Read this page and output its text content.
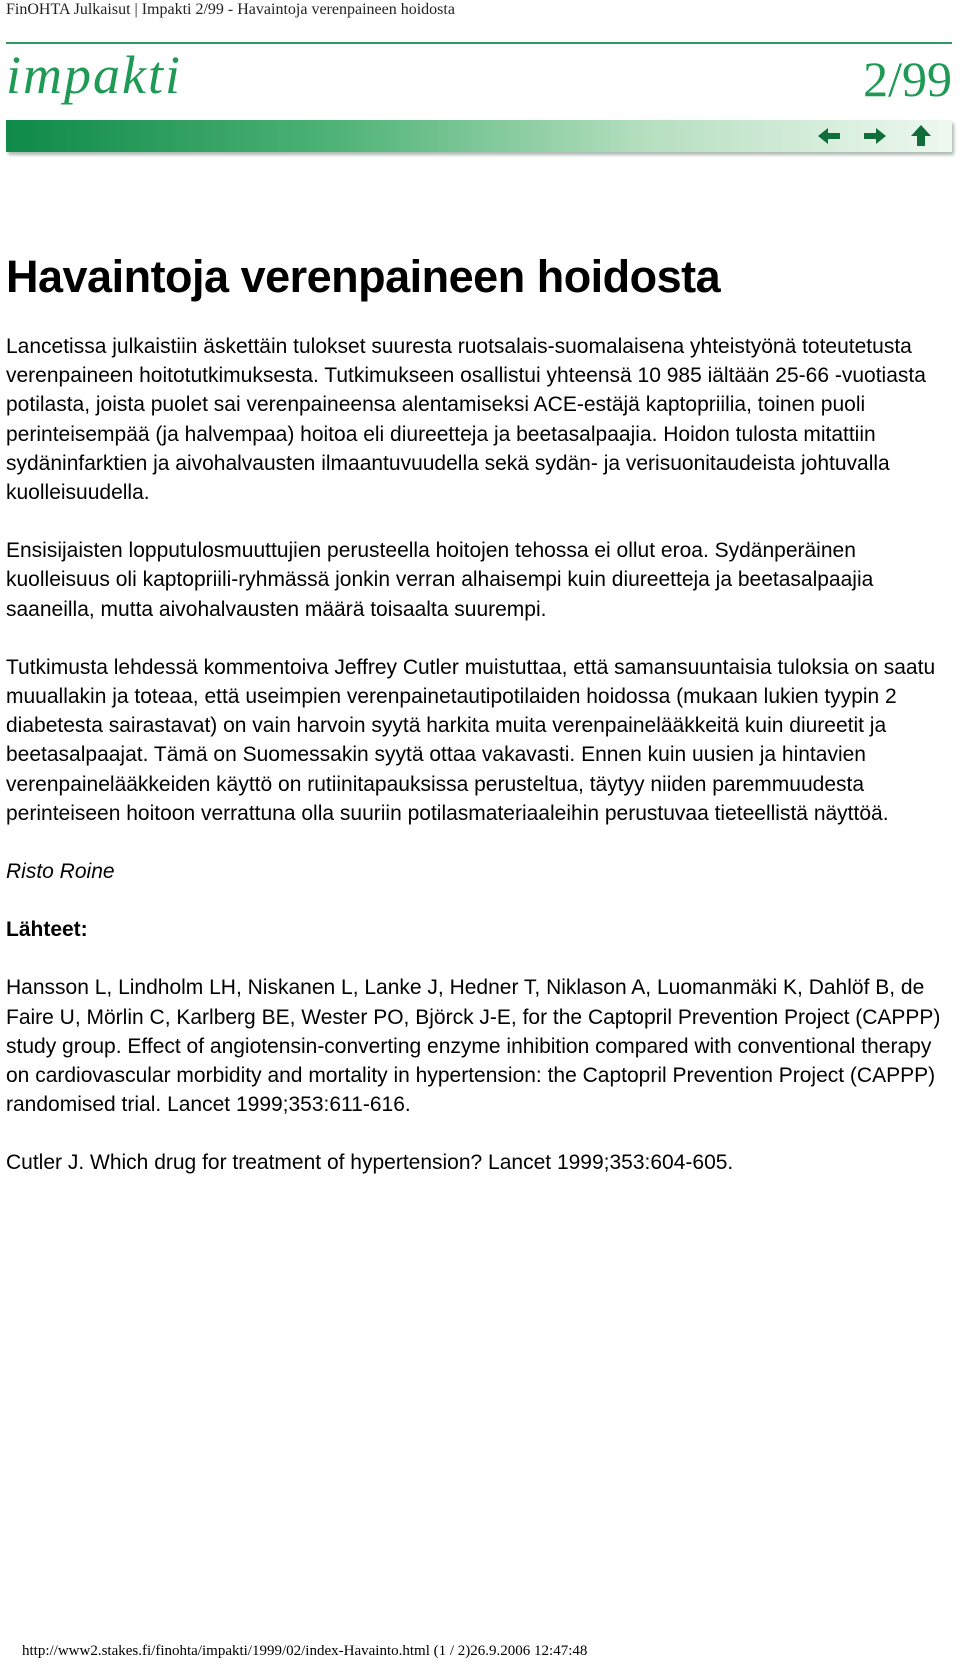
FinOHTA Julkaisut | Impakti 2/99 - Havaintoja verenpaineen hoidosta
impakti	2/99
Havaintoja verenpaineen hoidosta

Lancetissa julkaistiin äskettäin tulokset suuresta ruotsalais-suomalaisena yhteistyönä toteutetusta verenpaineen hoitotutkimuksesta. Tutkimukseen osallistui yhteensä 10 985 iältään 25-66 -vuotiasta potilasta, joista puolet sai verenpaineensa alentamiseksi ACE-estäjä kaptopriilia, toinen puoli perinteisempää (ja halvempaa) hoitoa eli diureetteja ja beetasalpaajia. Hoidon tulosta mitattiin sydäninfarktien ja aivohalvausten ilmaantuvuudella sekä sydän- ja verisuonitaudeista johtuvalla kuolleisuudella.

Ensisijaisten lopputulosmuuttujien perusteella hoitojen tehossa ei ollut eroa. Sydänperäinen kuolleisuus oli kaptopriili-ryhmässä jonkin verran alhaisempi kuin diureetteja ja beetasalpaajia saaneilla, mutta aivohalvausten määrä toisaalta suurempi.

Tutkimusta lehdessä kommentoiva Jeffrey Cutler muistuttaa, että samansuuntaisia tuloksia on saatu muuallakin ja toteaa, että useimpien verenpainetautipotilaiden hoidossa (mukaan lukien tyypin 2 diabetesta sairastavat) on vain harvoin syytä harkita muita verenpainelääkkeitä kuin diureetit ja beetasalpaajat. Tämä on Suomessakin syytä ottaa vakavasti. Ennen kuin uusien ja hintavien verenpainelääkkeiden käyttö on rutiinitapauksissa perusteltua, täytyy niiden paremmuudesta perinteiseen hoitoon verrattuna olla suuriin potilasmateriaaleihin perustuvaa tieteellistä näyttöä.

Risto Roine

Lähteet:

Hansson L, Lindholm LH, Niskanen L, Lanke J, Hedner T, Niklason A, Luomanmäki K, Dahlöf B, de Faire U, Mörlin C, Karlberg BE, Wester PO, Björck J-E, for the Captopril Prevention Project (CAPPP) study group. Effect of angiotensin-converting enzyme inhibition compared with conventional therapy on cardiovascular morbidity and mortality in hypertension: the Captopril Prevention Project (CAPPP) randomised trial. Lancet 1999;353:611-616.

Cutler J. Which drug for treatment of hypertension? Lancet 1999;353:604-605.

http://www2.stakes.fi/finohta/impakti/1999/02/index-Havainto.html (1 / 2)26.9.2006 12:47:48
